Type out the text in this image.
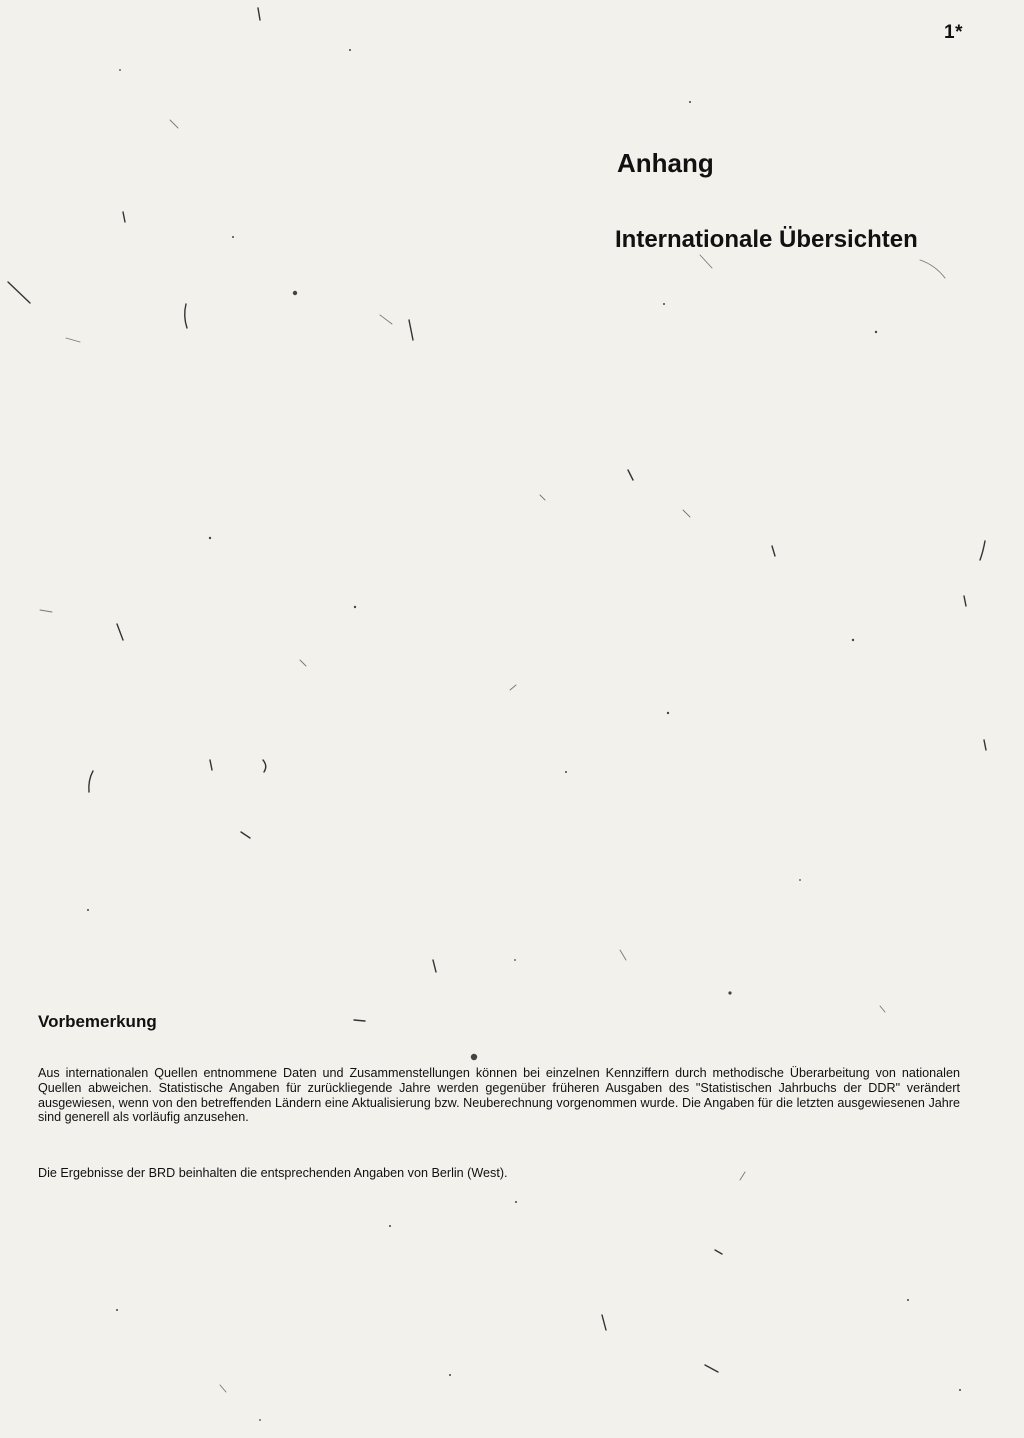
1*
Anhang
Internationale Übersichten
Vorbemerkung

Aus internationalen Quellen entnommene Daten und Zusammenstellungen können bei einzelnen Kennziffern durch methodische Überarbeitung von nationalen Quellen abweichen. Statistische Angaben für zurückliegende Jahre werden gegenüber früheren Ausgaben des "Statistischen Jahrbuchs der DDR" verändert ausgewiesen, wenn von den betreffenden Ländern eine Aktualisierung bzw. Neuberechnung vorgenommen wurde. Die Angaben für die letzten ausgewiesenen Jahre sind generell als vorläufig anzusehen.

Die Ergebnisse der BRD beinhalten die entsprechenden Angaben von Berlin (West).
